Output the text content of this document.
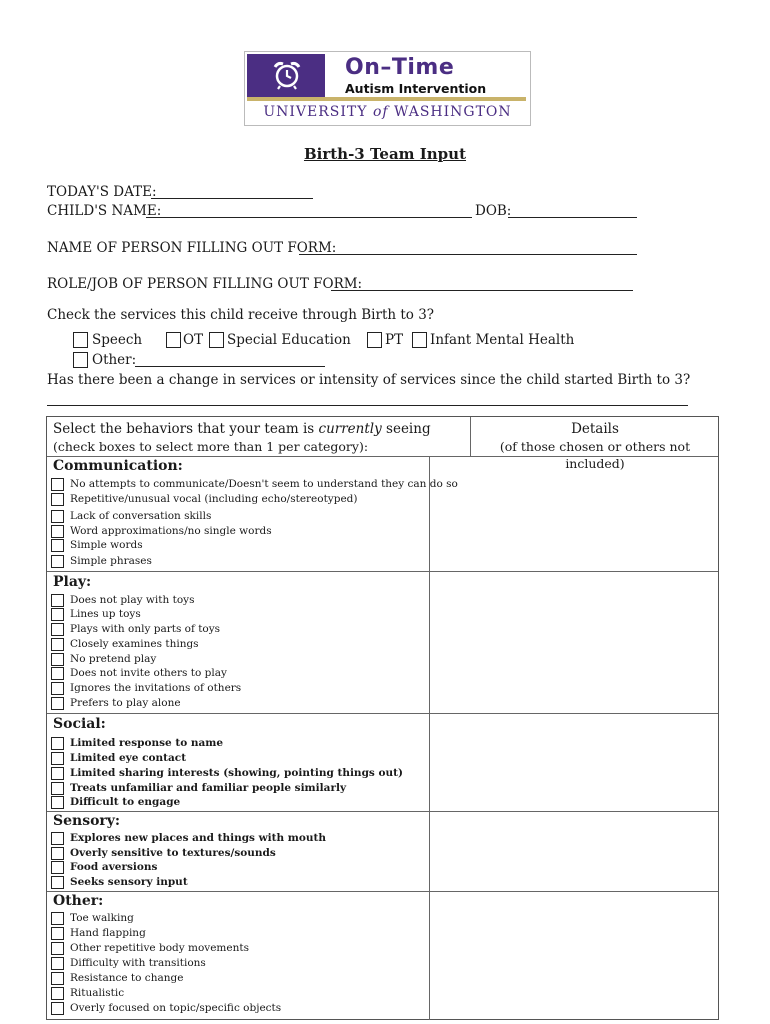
On–Time
Autism Intervention
UNIVERSITY of WASHINGTON
Birth-3 Team Input
TODAY'S DATE:
CHILD'S NAME:	DOB:
NAME OF PERSON FILLING OUT FORM:
ROLE/JOB OF PERSON FILLING OUT FORM:
Check the services this child receive through Birth to 3?
Speech	OT Special Education	PT Infant Mental Health
Other:
Has there been a change in services or intensity of services since the child started Birth to 3?
Select the behaviors that your team is currently seeing
(check boxes to select more than 1 per category):
Details
(of those chosen or others not included)
Communication:
No attempts to communicate/Doesn't seem to understand they can do so
Repetitive/unusual vocal (including echo/stereotyped)
Lack of conversation skills
Word approximations/no single words
Simple words
Simple phrases
Play:
Does not play with toys
Lines up toys
Plays with only parts of toys
Closely examines things
No pretend play
Does not invite others to play
Ignores the invitations of others
Prefers to play alone
Social:
Limited response to name
Limited eye contact
Limited sharing interests (showing, pointing things out)
Treats unfamiliar and familiar people similarly
Difficult to engage
Sensory:
Explores new places and things with mouth
Overly sensitive to textures/sounds
Food aversions
Seeks sensory input
Other:
Toe walking
Hand flapping
Other repetitive body movements
Difficulty with transitions
Resistance to change
Ritualistic
Overly focused on topic/specific objects
